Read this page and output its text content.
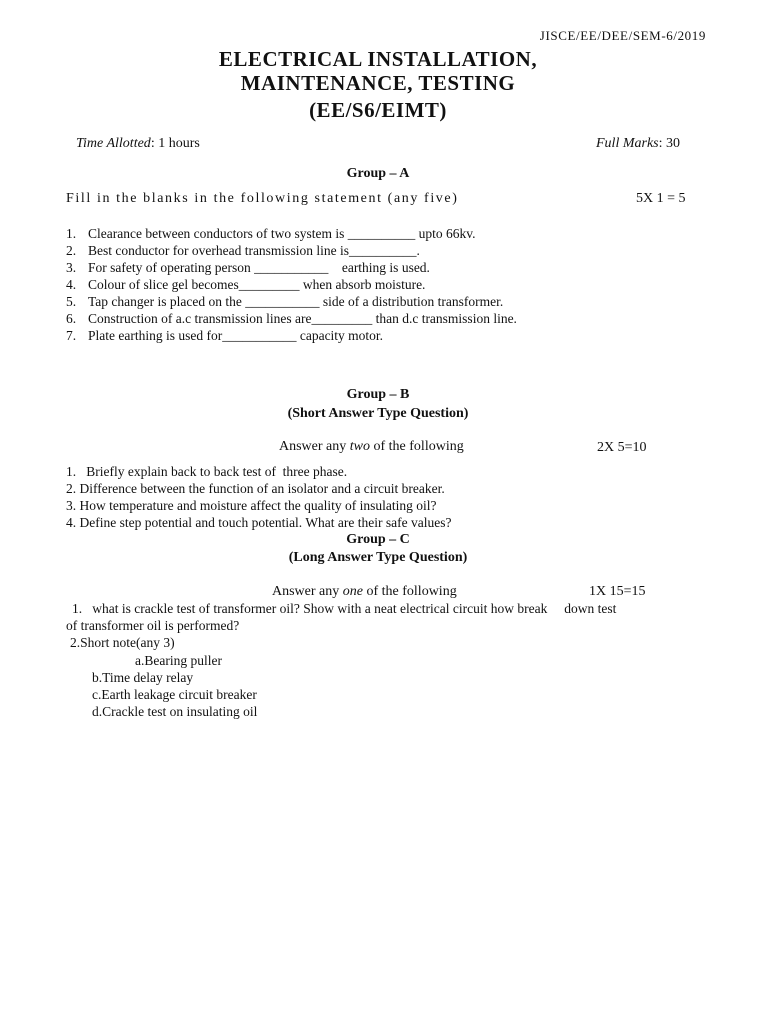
JISCE/EE/DEE/SEM-6/2019
ELECTRICAL INSTALLATION,
MAINTENANCE, TESTING
(EE/S6/EIMT)
Time Allotted: 1 hours	Full Marks: 30
Group – A
Fill in the blanks in the following statement (any five)	5X 1 = 5
1. Clearance between conductors of two system is __________ upto 66kv.
2. Best conductor for overhead transmission line is__________.
3. For safety of operating person ___________    earthing is used.
4. Colour of slice gel becomes_________ when absorb moisture.
5. Tap changer is placed on the ___________ side of a distribution transformer.
6. Construction of a.c transmission lines are_________ than d.c transmission line.
7. Plate earthing is used for___________ capacity motor.
Group – B
(Short Answer Type Question)
Answer any two of the following	2X 5=10
1.   Briefly explain back to back test of  three phase.
2. Difference between the function of an isolator and a circuit breaker.
3. How temperature and moisture affect the quality of insulating oil?
4. Define step potential and touch potential. What are their safe values?
Group – C
(Long Answer Type Question)
Answer any one of the following	1X 15=15
1.   what is crackle test of transformer oil? Show with a neat electrical circuit how break     down test
of transformer oil is performed?
2.Short note(any 3)
a.Bearing puller
b.Time delay relay
c.Earth leakage circuit breaker
d.Crackle test on insulating oil
